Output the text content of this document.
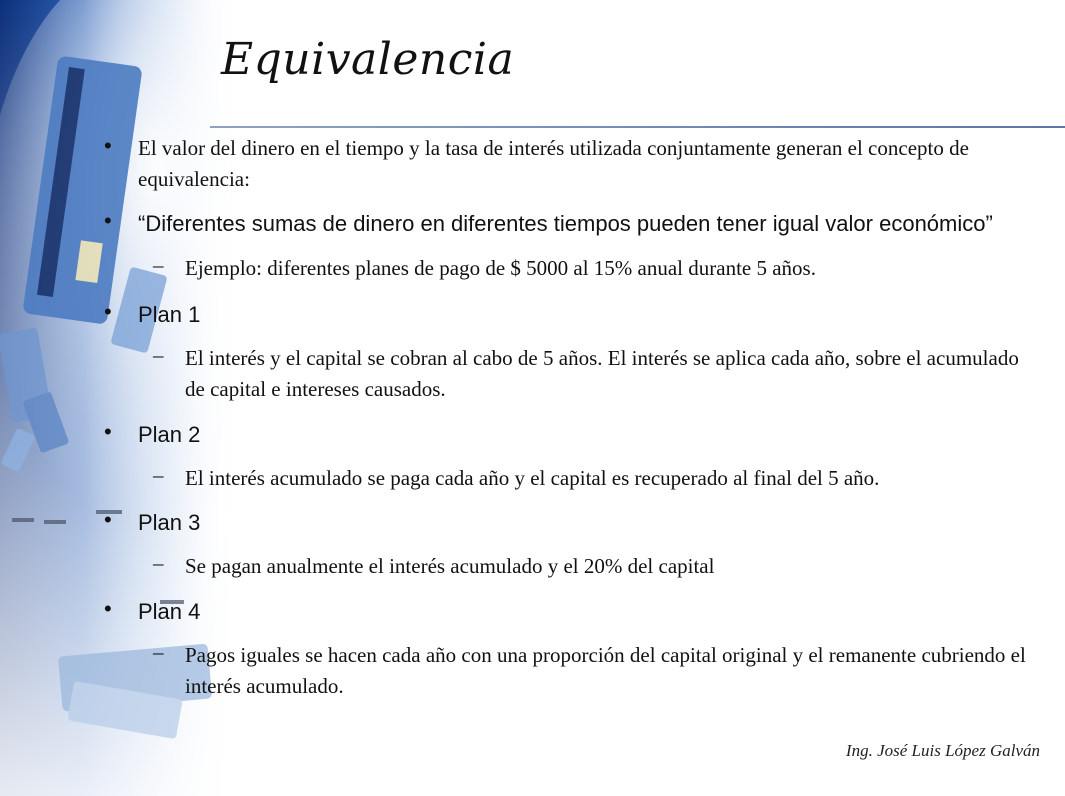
Equivalencia
• El valor del dinero en el tiempo y la tasa de interés utilizada conjuntamente generan el concepto de equivalencia:
• “Diferentes sumas de dinero en diferentes tiempos pueden tener igual valor económico”
– Ejemplo: diferentes planes de pago de $ 5000 al 15% anual durante 5 años.
• Plan 1
– El interés y el capital se cobran al cabo de 5 años. El interés se aplica cada año, sobre el acumulado de capital e intereses causados.
• Plan 2
– El interés acumulado se paga cada año y el capital es recuperado al final del 5 año.
• Plan 3
– Se pagan anualmente el interés acumulado y el 20% del capital
• Plan 4
– Pagos iguales se hacen cada año con una proporción del capital original y el remanente cubriendo el interés acumulado.
Ing. José Luis López Galván
